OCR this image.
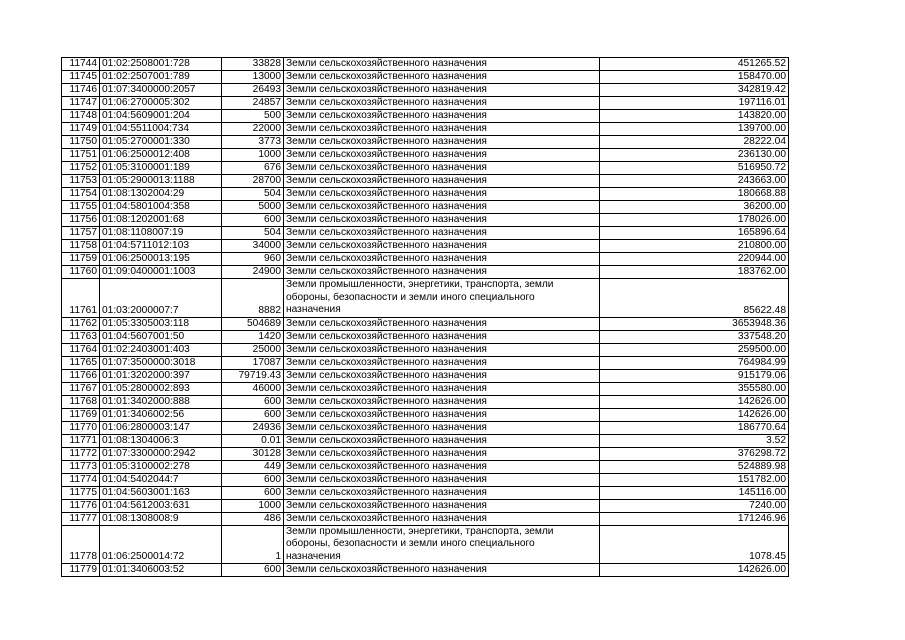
11744	01:02:2508001:728	33828	Земли сельскохозяйственного назначения	451265.52
11745	01:02:2507001:789	13000	Земли сельскохозяйственного назначения	158470.00
11746	01:07:3400000:2057	26493	Земли сельскохозяйственного назначения	342819.42
11747	01:06:2700005:302	24857	Земли сельскохозяйственного назначения	197116.01
11748	01:04:5609001:204	500	Земли сельскохозяйственного назначения	143820.00
11749	01:04:5511004:734	22000	Земли сельскохозяйственного назначения	139700.00
11750	01:05:2700001:330	3773	Земли сельскохозяйственного назначения	28222.04
11751	01:06:2500012:408	1000	Земли сельскохозяйственного назначения	236130.00
11752	01:05:3100001:189	676	Земли сельскохозяйственного назначения	516950.72
11753	01:05:2900013:1188	28700	Земли сельскохозяйственного назначения	243663.00
11754	01:08:1302004:29	504	Земли сельскохозяйственного назначения	180668.88
11755	01:04:5801004:358	5000	Земли сельскохозяйственного назначения	36200.00
11756	01:08:1202001:68	600	Земли сельскохозяйственного назначения	178026.00
11757	01:08:1108007:19	504	Земли сельскохозяйственного назначения	165896.64
11758	01:04:5711012:103	34000	Земли сельскохозяйственного назначения	210800.00
11759	01:06:2500013:195	960	Земли сельскохозяйственного назначения	220944.00
11760	01:09:0400001:1003	24900	Земли сельскохозяйственного назначения	183762.00
11761	01:03:2000007:7	8882	Земли промышленности, энергетики, транспорта, земли
обороны, безопасности и земли иного специального
назначения	85622.48
11762	01:05:3305003:118	504689	Земли сельскохозяйственного назначения	3653948.36
11763	01:04:5607001:50	1420	Земли сельскохозяйственного назначения	337548.20
11764	01:02:2403001:403	25000	Земли сельскохозяйственного назначения	259500.00
11765	01:07:3500000:3018	17087	Земли сельскохозяйственного назначения	764984.99
11766	01:01:3202000:397	79719.43	Земли сельскохозяйственного назначения	915179.06
11767	01:05:2800002:893	46000	Земли сельскохозяйственного назначения	355580.00
11768	01:01:3402000:888	600	Земли сельскохозяйственного назначения	142626.00
11769	01:01:3406002:56	600	Земли сельскохозяйственного назначения	142626.00
11770	01:06:2800003:147	24936	Земли сельскохозяйственного назначения	186770.64
11771	01:08:1304006:3	0.01	Земли сельскохозяйственного назначения	3.52
11772	01:07:3300000:2942	30128	Земли сельскохозяйственного назначения	376298.72
11773	01:05:3100002:278	449	Земли сельскохозяйственного назначения	524889.98
11774	01:04:5402044:7	600	Земли сельскохозяйственного назначения	151782.00
11775	01:04:5603001:163	600	Земли сельскохозяйственного назначения	145116.00
11776	01:04:5612003:631	1000	Земли сельскохозяйственного назначения	7240.00
11777	01:08:1308008:9	486	Земли сельскохозяйственного назначения	171246.96
11778	01:06:2500014:72	1	Земли промышленности, энергетики, транспорта, земли
обороны, безопасности и земли иного специального
назначения	1078.45
11779	01:01:3406003:52	600	Земли сельскохозяйственного назначения	142626.00
